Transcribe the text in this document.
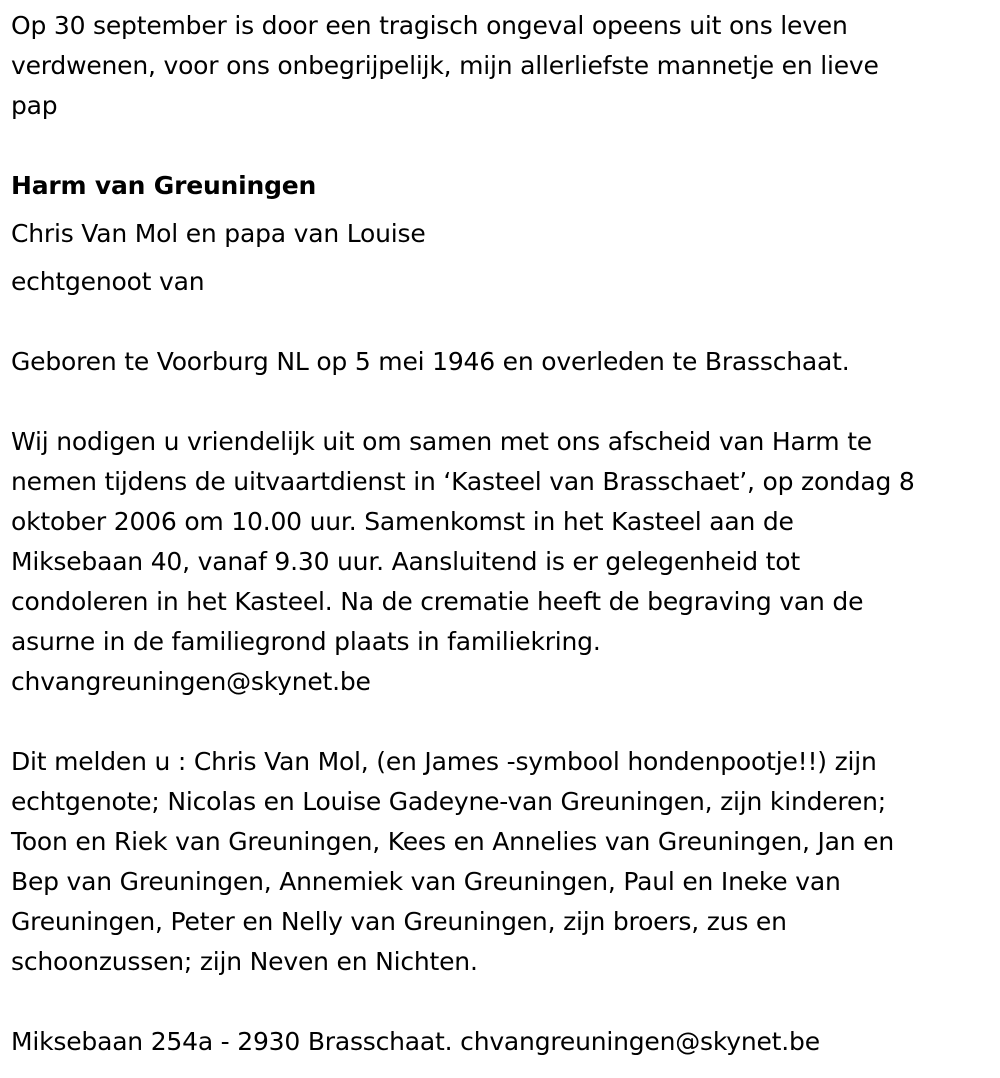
Op 30 september is door een tragisch ongeval opeens uit ons leven
verdwenen, voor ons onbegrijpelijk, mijn allerliefste mannetje en lieve
pap
Harm van Greuningen
Chris Van Mol en papa van Louise
echtgenoot van
Geboren te Voorburg NL op 5 mei 1946 en overleden te Brasschaat.
Wij nodigen u vriendelijk uit om samen met ons afscheid van Harm te
nemen tijdens de uitvaartdienst in ‘Kasteel van Brasschaet’, op zondag 8
oktober 2006 om 10.00 uur. Samenkomst in het Kasteel aan de
Miksebaan 40, vanaf 9.30 uur. Aansluitend is er gelegenheid tot
condoleren in het Kasteel. Na de crematie heeft de begraving van de
asurne in de familiegrond plaats in familiekring.
chvangreuningen@skynet.be
Dit melden u : Chris Van Mol, (en James -symbool hondenpootje!!) zijn
echtgenote; Nicolas en Louise Gadeyne-van Greuningen, zijn kinderen;
Toon en Riek van Greuningen, Kees en Annelies van Greuningen, Jan en
Bep van Greuningen, Annemiek van Greuningen, Paul en Ineke van
Greuningen, Peter en Nelly van Greuningen, zijn broers, zus en
schoonzussen; zijn Neven en Nichten.
Miksebaan 254a - 2930 Brasschaat. chvangreuningen@skynet.be
